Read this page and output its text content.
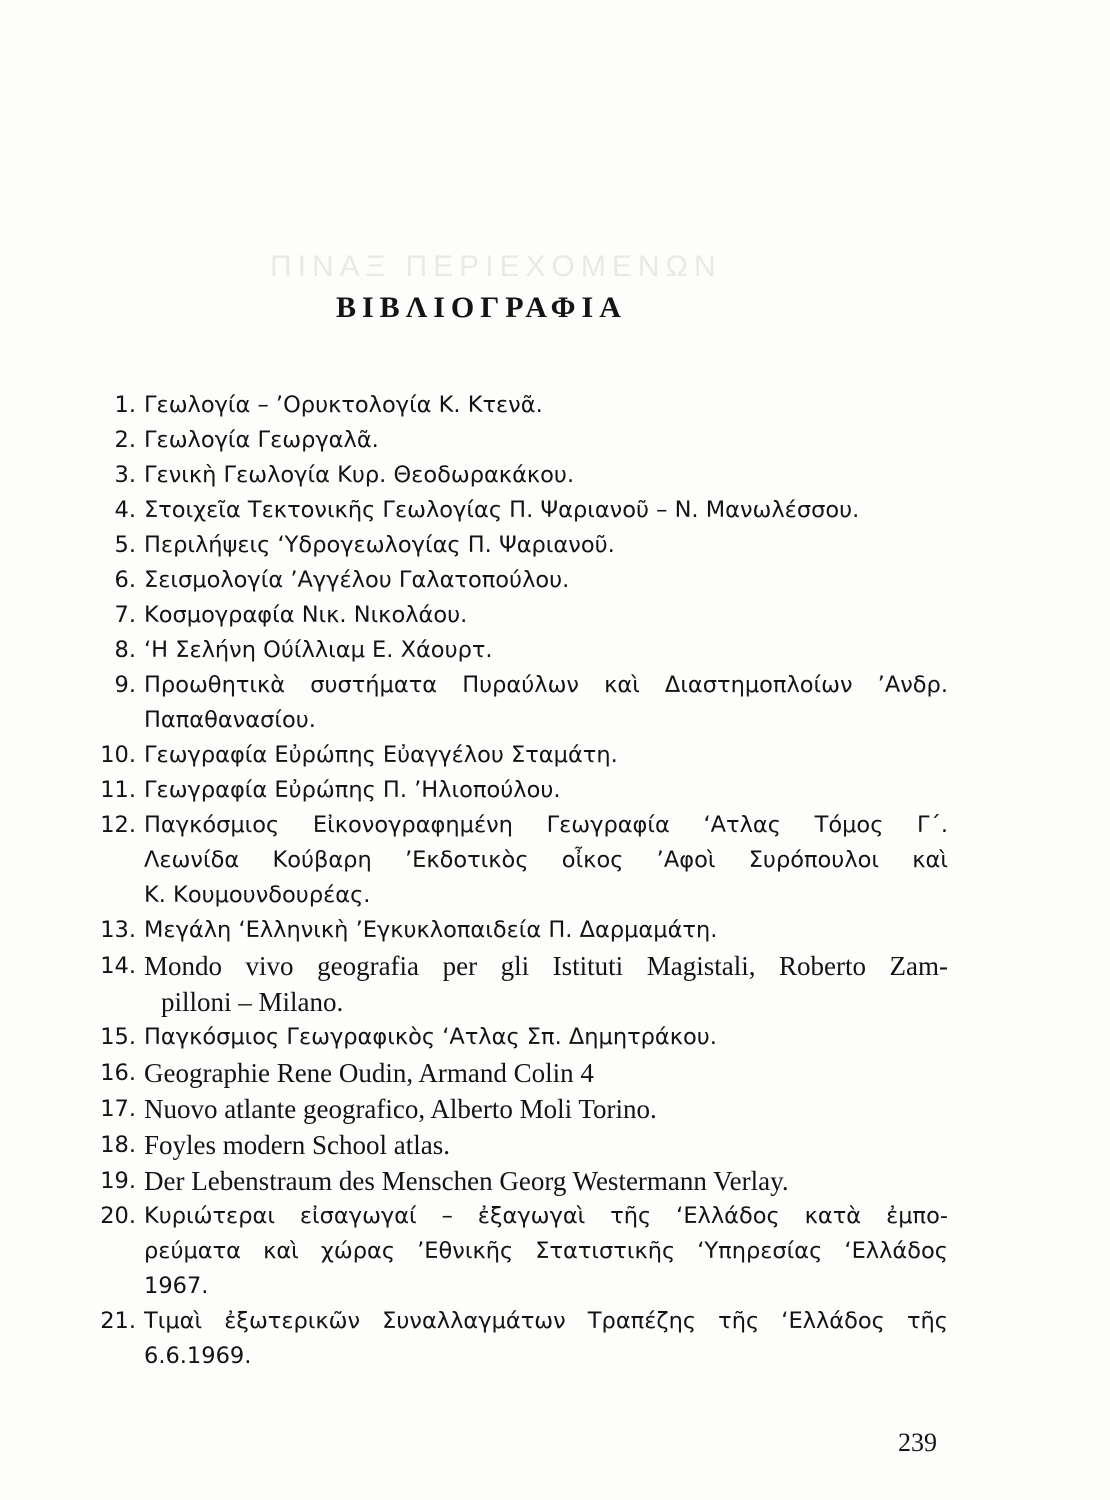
ΠΙΝΑΞ ΠΕΡΙΕΧΟΜΕΝΩΝ
ΒΙΒΛΙΟΓΡΑΦΙΑ
1. Γεωλογία – ’Ορυκτολογία Κ. Κτενᾶ.
2. Γεωλογία Γεωργαλᾶ.
3. Γενικὴ Γεωλογία Κυρ. Θεοδωρακάκου.
4. Στοιχεῖα Τεκτονικῆς Γεωλογίας Π. Ψαριανοῦ – Ν. Μανωλέσσου.
5. Περιλήψεις ‘Υδρογεωλογίας Π. Ψαριανοῦ.
6. Σεισμολογία ’Αγγέλου Γαλατοπούλου.
7. Κοσμογραφία Νικ. Νικολάου.
8. ‘Η Σελήνη Ούίλλιαμ Ε. Χάουρτ.
9. Προωθητικὰ συστήματα Πυραύλων καὶ Διαστημοπλοίων ’Ανδρ.
Παπαθανασίου.
10. Γεωγραφία Εὐρώπης Εὐαγγέλου Σταμάτη.
11. Γεωγραφία Εὐρώπης Π. ’Ηλιοπούλου.
12. Παγκόσμιος Εἰκονογραφημένη Γεωγραφία ‘Ατλας Τόμος Γ΄.
Λεωνίδα Κούβαρη ’Εκδοτικὸς οἶκος ’Αφοὶ Συρόπουλοι καὶ
Κ. Κουμουνδουρέας.
13. Μεγάλη ‘Ελληνικὴ ’Εγκυκλοπαιδεία Π. Δαρμαμάτη.
14. Mondo vivo geografia per gli Istituti Magistali, Roberto Zam-
pilloni – Milano.
15. Παγκόσμιος Γεωγραφικὸς ‘Ατλας Σπ. Δημητράκου.
16. Geographie Rene Oudin, Armand Colin 4
17. Nuovo atlante geografico, Alberto Moli Torino.
18. Foyles modern School atlas.
19. Der Lebenstraum des Menschen Georg Westermann Verlay.
20. Κυριώτεραι εἰσαγωγαί – ἐξαγωγαὶ τῆς ‘Ελλάδος κατὰ ἐμπο-
ρεύματα καὶ χώρας ’Εθνικῆς Στατιστικῆς ‘Υπηρεσίας ‘Ελλάδος
1967.
21. Τιμαὶ ἐξωτερικῶν Συναλλαγμάτων Τραπέζης τῆς ‘Ελλάδος τῆς
6.6.1969.
239
